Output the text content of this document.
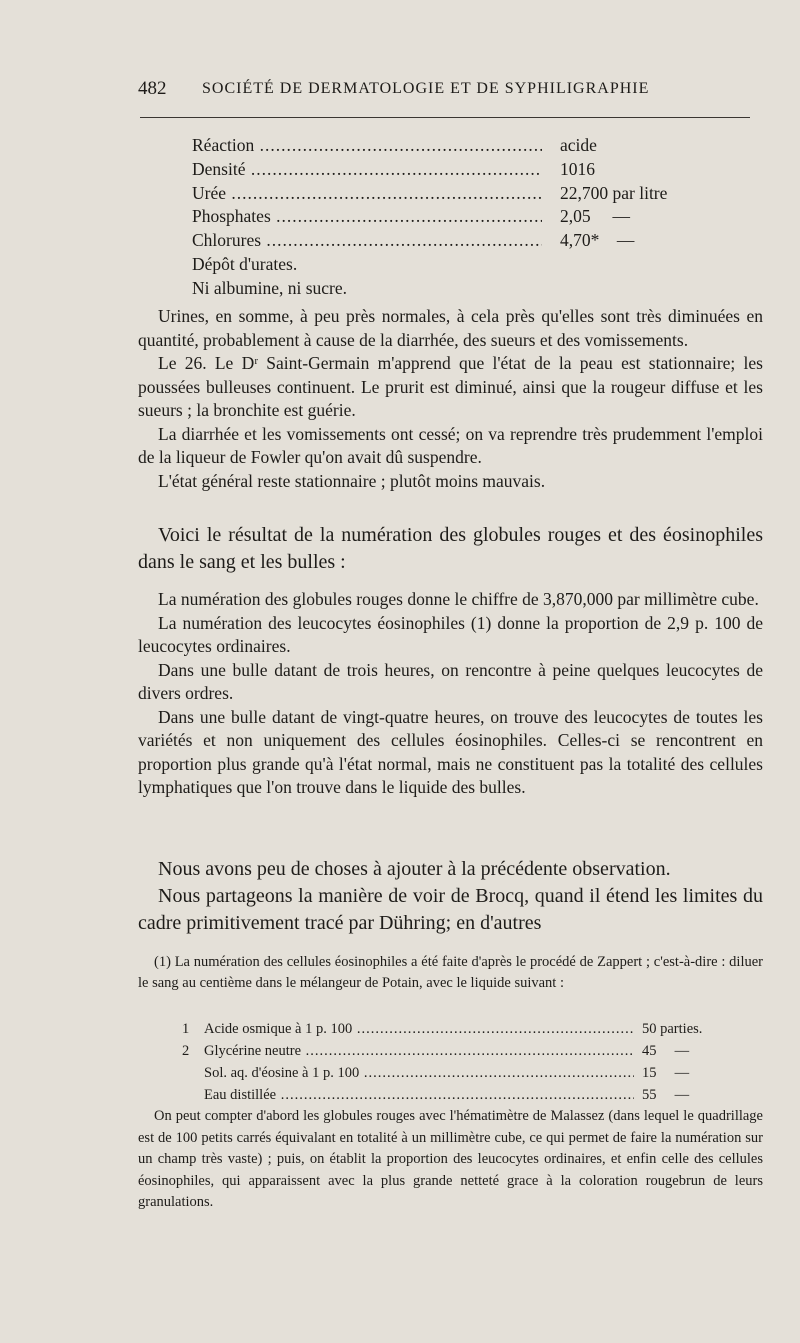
482 SOCIÉTÉ DE DERMATOLOGIE ET DE SYPHILIGRAPHIE
Réaction .....	acide
Densité .....	1016
Urée .....	22,700 par litre
Phosphates .....	2,05     —
Chlorures .....	4,70*    —
Dépôt d'urates.
Ni albumine, ni sucre.

Urines, en somme, à peu près normales, à cela près qu'elles sont très diminuées en quantité, probablement à cause de la diarrhée, des sueurs et des vomissements.

Le 26. Le Dʳ Saint-Germain m'apprend que l'état de la peau est stationnaire; les poussées bulleuses continuent. Le prurit est diminué, ainsi que la rougeur diffuse et les sueurs ; la bronchite est guérie.

La diarrhée et les vomissements ont cessé; on va reprendre très prudemment l'emploi de la liqueur de Fowler qu'on avait dû suspendre.

L'état général reste stationnaire ; plutôt moins mauvais.

Voici le résultat de la numération des globules rouges et des éosinophiles dans le sang et les bulles :

La numération des globules rouges donne le chiffre de 3,870,000 par millimètre cube.

La numération des leucocytes éosinophiles (1) donne la proportion de 2,9 p. 100 de leucocytes ordinaires.

Dans une bulle datant de trois heures, on rencontre à peine quelques leucocytes de divers ordres.

Dans une bulle datant de vingt-quatre heures, on trouve des leucocytes de toutes les variétés et non uniquement des cellules éosinophiles. Celles-ci se rencontrent en proportion plus grande qu'à l'état normal, mais ne constituent pas la totalité des cellules lymphatiques que l'on trouve dans le liquide des bulles.

Nous avons peu de choses à ajouter à la précédente observation.

Nous partageons la manière de voir de Brocq, quand il étend les limites du cadre primitivement tracé par Dühring; en d'autres

(1) La numération des cellules éosinophiles a été faite d'après le procédé de Zappert ; c'est-à-dire : diluer le sang au centième dans le mélangeur de Potain, avec le liquide suivant :

1	Acide osmique à 1 p. 100 .....	50 parties.
2	Glycérine neutre .....	45     —
Sol. aq. d'éosine à 1 p. 100 .....	15     —
Eau distillée .....	55     —

On peut compter d'abord les globules rouges avec l'hématimètre de Malassez (dans lequel le quadrillage est de 100 petits carrés équivalant en totalité à un millimètre cube, ce qui permet de faire la numération sur un champ très vaste) ; puis, on établit la proportion des leucocytes ordinaires, et enfin celle des cellules éosinophiles, qui apparaissent avec la plus grande netteté grace à la coloration rougebrun de leurs granulations.
